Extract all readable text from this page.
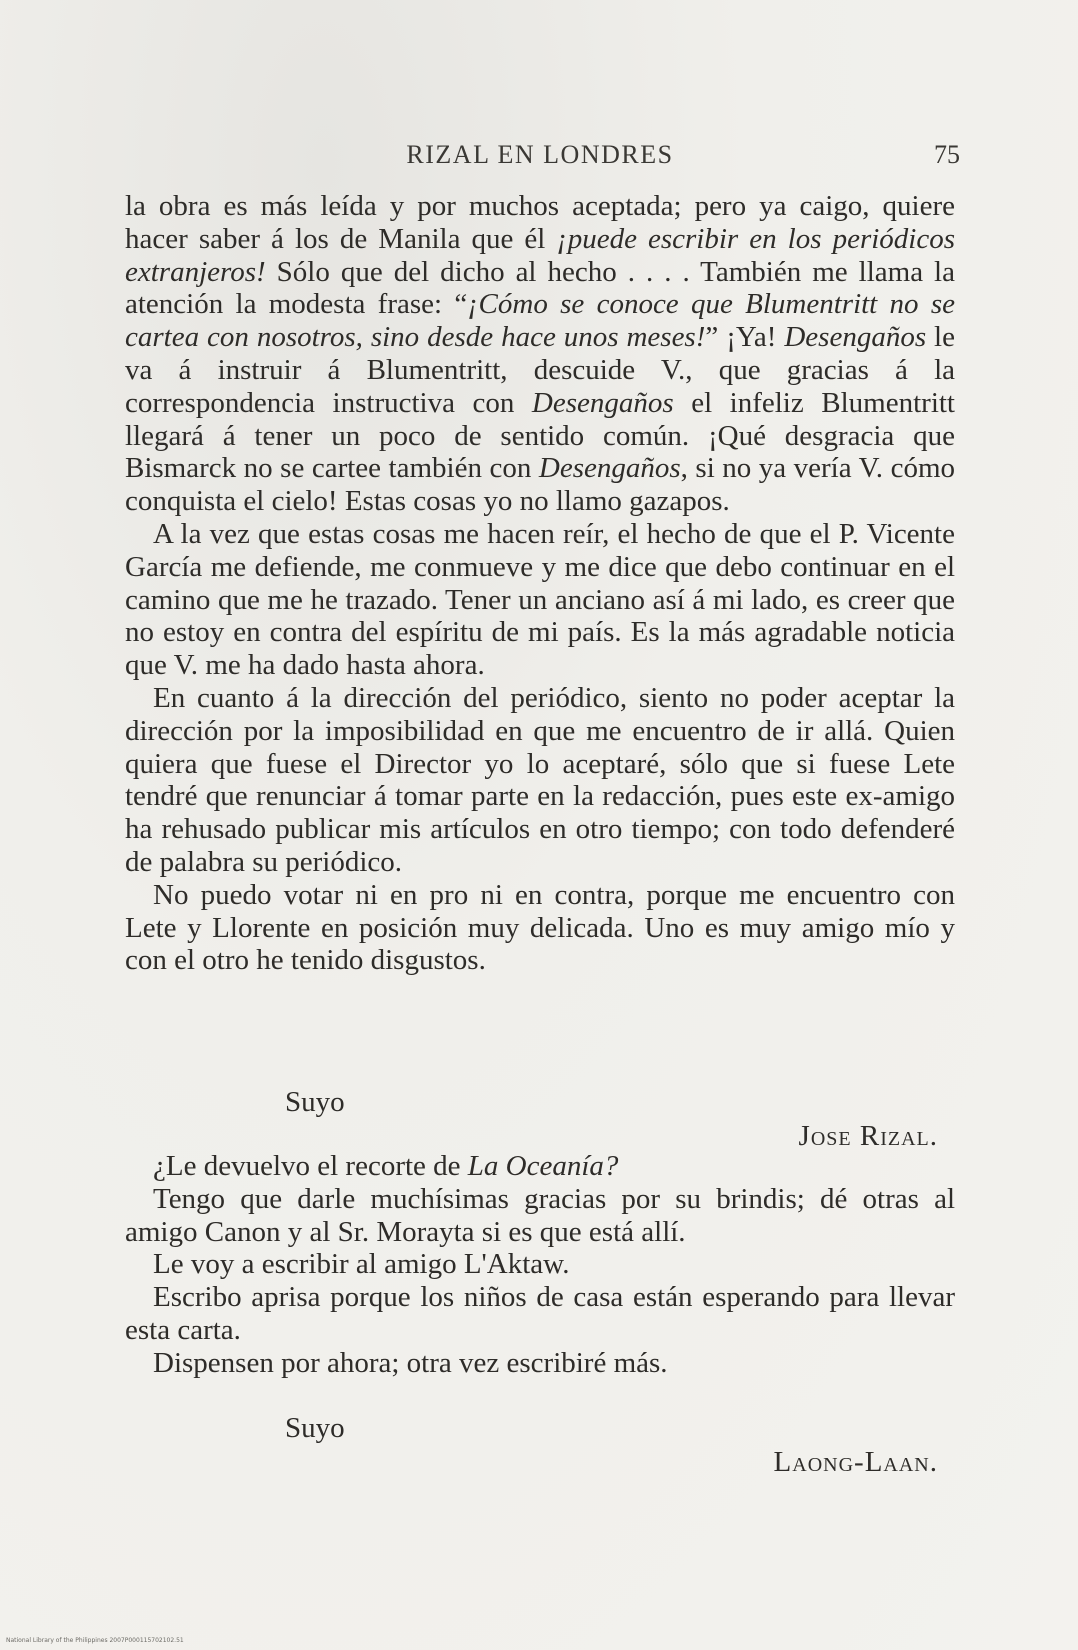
RIZAL EN LONDRES	75

la obra es más leída y por muchos aceptada; pero ya caigo, quiere hacer saber á los de Manila que él ¡puede escribir en los periódicos extranjeros! Sólo que del dicho al hecho . . . . También me llama la atención la modesta frase: “¡Cómo se conoce que Blumentritt no se cartea con nosotros, sino desde hace unos meses!” ¡Ya! Desengaños le va á instruir á Blumentritt, descuide V., que gracias á la correspondencia instructiva con Desengaños el infeliz Blumentritt llegará á tener un poco de sentido común. ¡Qué desgracia que Bismarck no se cartee también con Desengaños, si no ya vería V. cómo conquista el cielo! Estas cosas yo no llamo gazapos.

A la vez que estas cosas me hacen reír, el hecho de que el P. Vicente García me defiende, me conmueve y me dice que debo continuar en el camino que me he trazado. Tener un anciano así á mi lado, es creer que no estoy en contra del espíritu de mi país. Es la más agradable noticia que V. me ha dado hasta ahora.

En cuanto á la dirección del periódico, siento no poder aceptar la dirección por la imposibilidad en que me encuentro de ir allá. Quien quiera que fuese el Director yo lo aceptaré, sólo que si fuese Lete tendré que renunciar á tomar parte en la redacción, pues este ex-amigo ha rehusado publicar mis artículos en otro tiempo; con todo defenderé de palabra su periódico.

No puedo votar ni en pro ni en contra, porque me encuentro con Lete y Llorente en posición muy delicada. Uno es muy amigo mío y con el otro he tenido disgustos.

Suyo
Jose Rizal.

¿Le devuelvo el recorte de La Oceanía?

Tengo que darle muchísimas gracias por su brindis; dé otras al amigo Canon y al Sr. Morayta si es que está allí.

Le voy a escribir al amigo L'Aktaw.

Escribo aprisa porque los niños de casa están esperando para llevar esta carta.

Dispensen por ahora; otra vez escribiré más.

Suyo
Laong-Laan.
National Library of the Philippines 2007P000115702102.51
